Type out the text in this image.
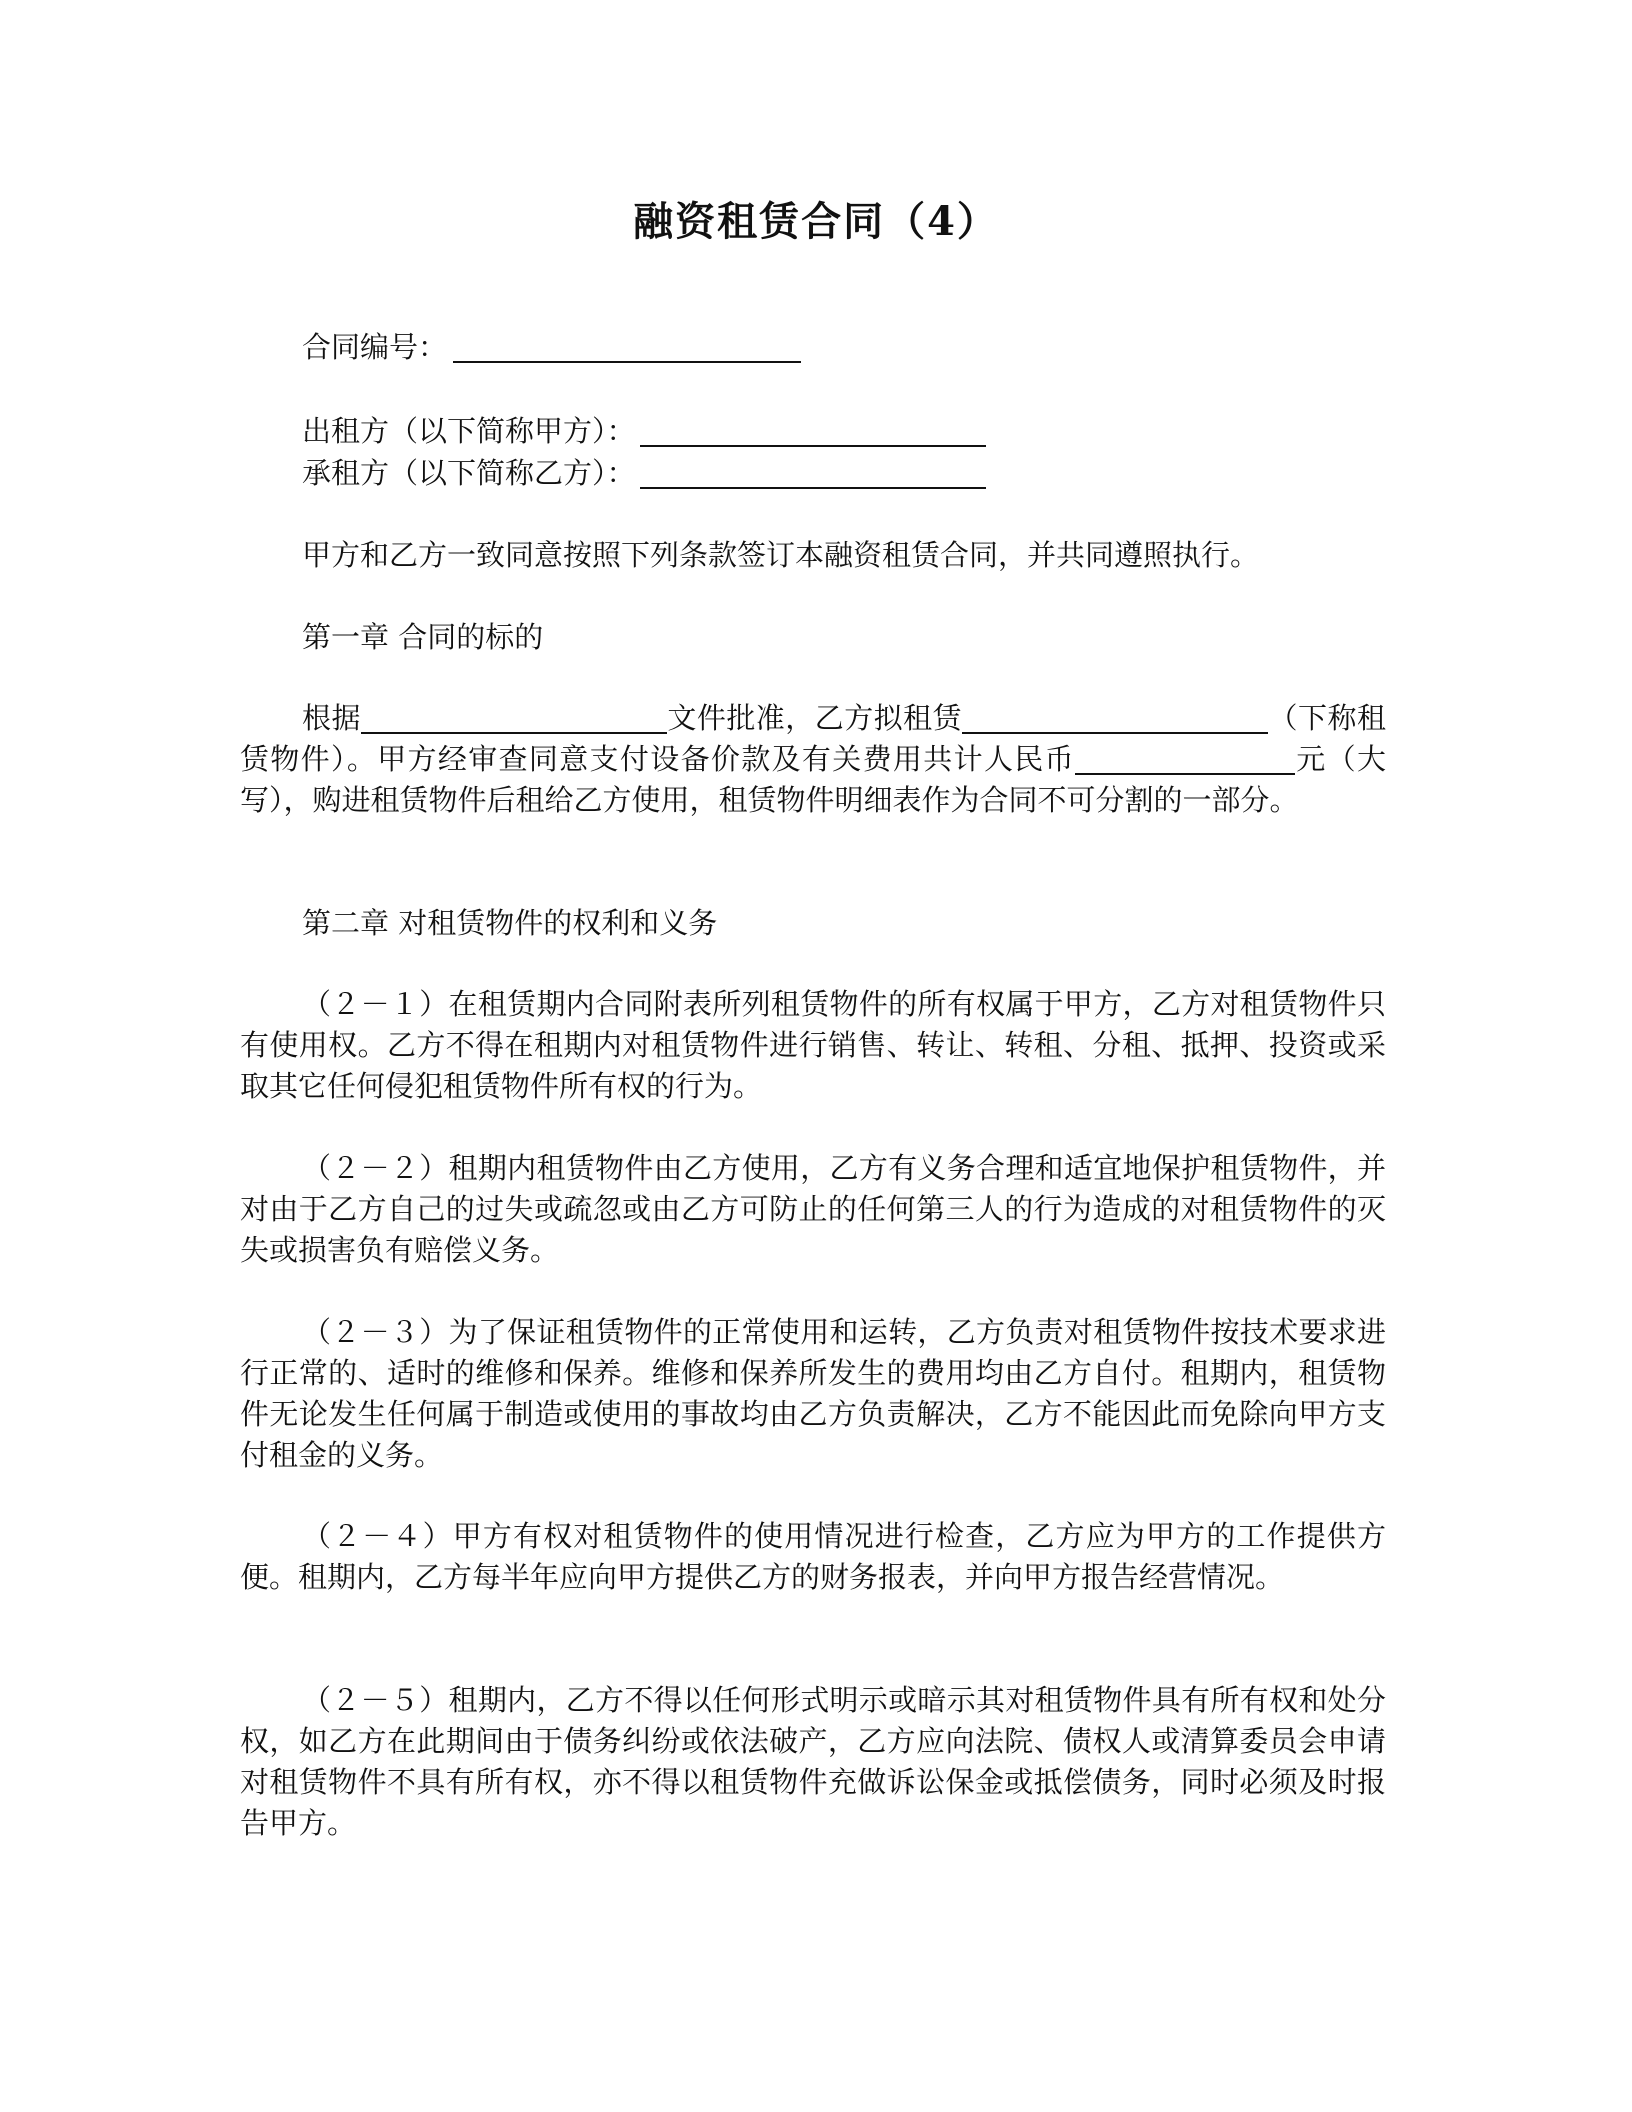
融资租赁合同（4）
合同编号：
出租方（以下简称甲方）：
承租方（以下简称乙方）：
甲方和乙方一致同意按照下列条款签订本融资租赁合同，并共同遵照执行。
第一章 合同的标的
根据	文件批准，乙方拟租赁	（下称租赁物件）。甲方经审查同意支付设备价款及有关费用共计人民币	元（大写），购进租赁物件后租给乙方使用，租赁物件明细表作为合同不可分割的一部分。
第二章 对租赁物件的权利和义务
（２－１）在租赁期内合同附表所列租赁物件的所有权属于甲方，乙方对租赁物件只有使用权。乙方不得在租期内对租赁物件进行销售、转让、转租、分租、抵押、投资或采取其它任何侵犯租赁物件所有权的行为。
（２－２）租期内租赁物件由乙方使用，乙方有义务合理和适宜地保护租赁物件，并对由于乙方自己的过失或疏忽或由乙方可防止的任何第三人的行为造成的对租赁物件的灭失或损害负有赔偿义务。
（２－３）为了保证租赁物件的正常使用和运转，乙方负责对租赁物件按技术要求进行正常的、适时的维修和保养。维修和保养所发生的费用均由乙方自付。租期内，租赁物件无论发生任何属于制造或使用的事故均由乙方负责解决，乙方不能因此而免除向甲方支付租金的义务。
（２－４）甲方有权对租赁物件的使用情况进行检查，乙方应为甲方的工作提供方便。租期内，乙方每半年应向甲方提供乙方的财务报表，并向甲方报告经营情况。
（２－５）租期内，乙方不得以任何形式明示或暗示其对租赁物件具有所有权和处分权，如乙方在此期间由于债务纠纷或依法破产，乙方应向法院、债权人或清算委员会申请对租赁物件不具有所有权，亦不得以租赁物件充做诉讼保金或抵偿债务，同时必须及时报告甲方。
